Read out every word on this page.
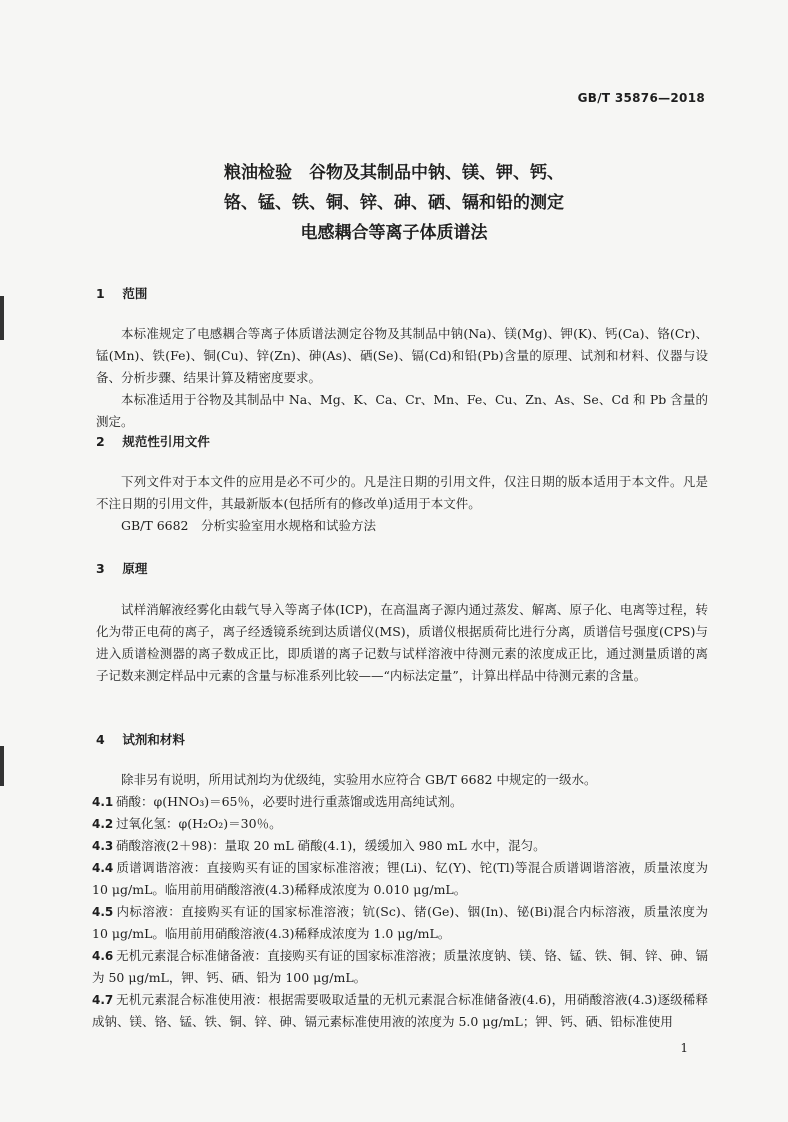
GB/T 35876—2018
粮油检验　谷物及其制品中钠、镁、钾、钙、
铬、锰、铁、铜、锌、砷、硒、镉和铅的测定
电感耦合等离子体质谱法
1 范围
本标准规定了电感耦合等离子体质谱法测定谷物及其制品中钠(Na)、镁(Mg)、钾(K)、钙(Ca)、铬(Cr)、锰(Mn)、铁(Fe)、铜(Cu)、锌(Zn)、砷(As)、硒(Se)、镉(Cd)和铅(Pb)含量的原理、试剂和材料、仪器与设备、分析步骤、结果计算及精密度要求。
本标准适用于谷物及其制品中 Na、Mg、K、Ca、Cr、Mn、Fe、Cu、Zn、As、Se、Cd 和 Pb 含量的测定。
2 规范性引用文件
下列文件对于本文件的应用是必不可少的。凡是注日期的引用文件，仅注日期的版本适用于本文件。凡是不注日期的引用文件，其最新版本(包括所有的修改单)适用于本文件。
GB/T 6682　分析实验室用水规格和试验方法
3 原理
试样消解液经雾化由载气导入等离子体(ICP)，在高温离子源内通过蒸发、解离、原子化、电离等过程，转化为带正电荷的离子，离子经透镜系统到达质谱仪(MS)，质谱仪根据质荷比进行分离，质谱信号强度(CPS)与进入质谱检测器的离子数成正比，即质谱的离子记数与试样溶液中待测元素的浓度成正比，通过测量质谱的离子记数来测定样品中元素的含量与标准系列比较——“内标法定量”，计算出样品中待测元素的含量。
4 试剂和材料
除非另有说明，所用试剂均为优级纯，实验用水应符合 GB/T 6682 中规定的一级水。
4.1 硝酸：φ(HNO₃)＝65％，必要时进行重蒸馏或选用高纯试剂。
4.2 过氧化氢：φ(H₂O₂)＝30％。
4.3 硝酸溶液(2＋98)：量取 20 mL 硝酸(4.1)，缓缓加入 980 mL 水中，混匀。
4.4 质谱调谐溶液：直接购买有证的国家标准溶液；锂(Li)、钇(Y)、铊(Tl)等混合质谱调谐溶液，质量浓度为 10 μg/mL。临用前用硝酸溶液(4.3)稀释成浓度为 0.010 μg/mL。
4.5 内标溶液：直接购买有证的国家标准溶液；钪(Sc)、锗(Ge)、铟(In)、铋(Bi)混合内标溶液，质量浓度为 10 μg/mL。临用前用硝酸溶液(4.3)稀释成浓度为 1.0 μg/mL。
4.6 无机元素混合标准储备液：直接购买有证的国家标准溶液；质量浓度钠、镁、铬、锰、铁、铜、锌、砷、镉为 50 μg/mL，钾、钙、硒、铅为 100 μg/mL。
4.7 无机元素混合标准使用液：根据需要吸取适量的无机元素混合标准储备液(4.6)，用硝酸溶液(4.3)逐级稀释成钠、镁、铬、锰、铁、铜、锌、砷、镉元素标准使用液的浓度为 5.0 μg/mL；钾、钙、硒、铅标准使用
1
